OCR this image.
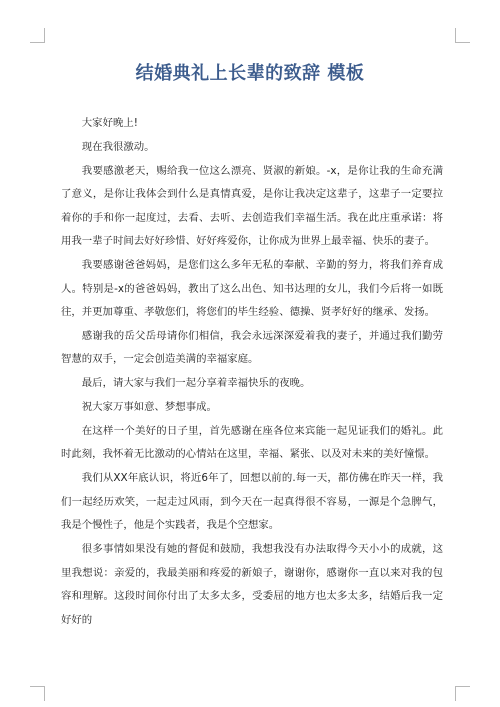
结婚典礼上长辈的致辞 模板

大家好晚上!

现在我很激动。

我要感激老天，赐给我一位这么漂亮、贤淑的新娘。-x，是你让我的生命充满了意义，是你让我体会到什么是真情真爱，是你让我决定这辈子，这辈子一定要拉着你的手和你一起度过，去看、去听、去创造我们幸福生活。我在此庄重承诺：将用我一辈子时间去好好珍惜、好好疼爱你，让你成为世界上最幸福、快乐的妻子。

我要感谢爸爸妈妈，是您们这么多年无私的奉献、辛勤的努力，将我们养育成人。特别是-x的爸爸妈妈，教出了这么出色、知书达理的女儿，我们今后将一如既往，并更加尊重、孝敬您们，将您们的毕生经验、德操、贤孝好好的继承、发扬。

感谢我的岳父岳母请你们相信，我会永远深深爱着我的妻子，并通过我们勤劳智慧的双手，一定会创造美满的幸福家庭。

最后，请大家与我们一起分享着幸福快乐的夜晚。

祝大家万事如意、梦想事成。

在这样一个美好的日子里，首先感谢在座各位来宾能一起见证我们的婚礼。此时此刻，我怀着无比激动的心情站在这里，幸福、紧张、以及对未来的美好憧憬。

我们从XX年底认识，将近6年了，回想以前的.每一天，都仿佛在昨天一样，我们一起经历欢笑，一起走过风雨，到今天在一起真得很不容易，一源是个急脾气，我是个慢性子，他是个实践者，我是个空想家。

很多事情如果没有她的督促和鼓励，我想我没有办法取得今天小小的成就，这里我想说：亲爱的，我最美丽和疼爱的新娘子，谢谢你，感谢你一直以来对我的包容和理解。这段时间你付出了太多太多，受委屈的地方也太多太多，结婚后我一定好好的
